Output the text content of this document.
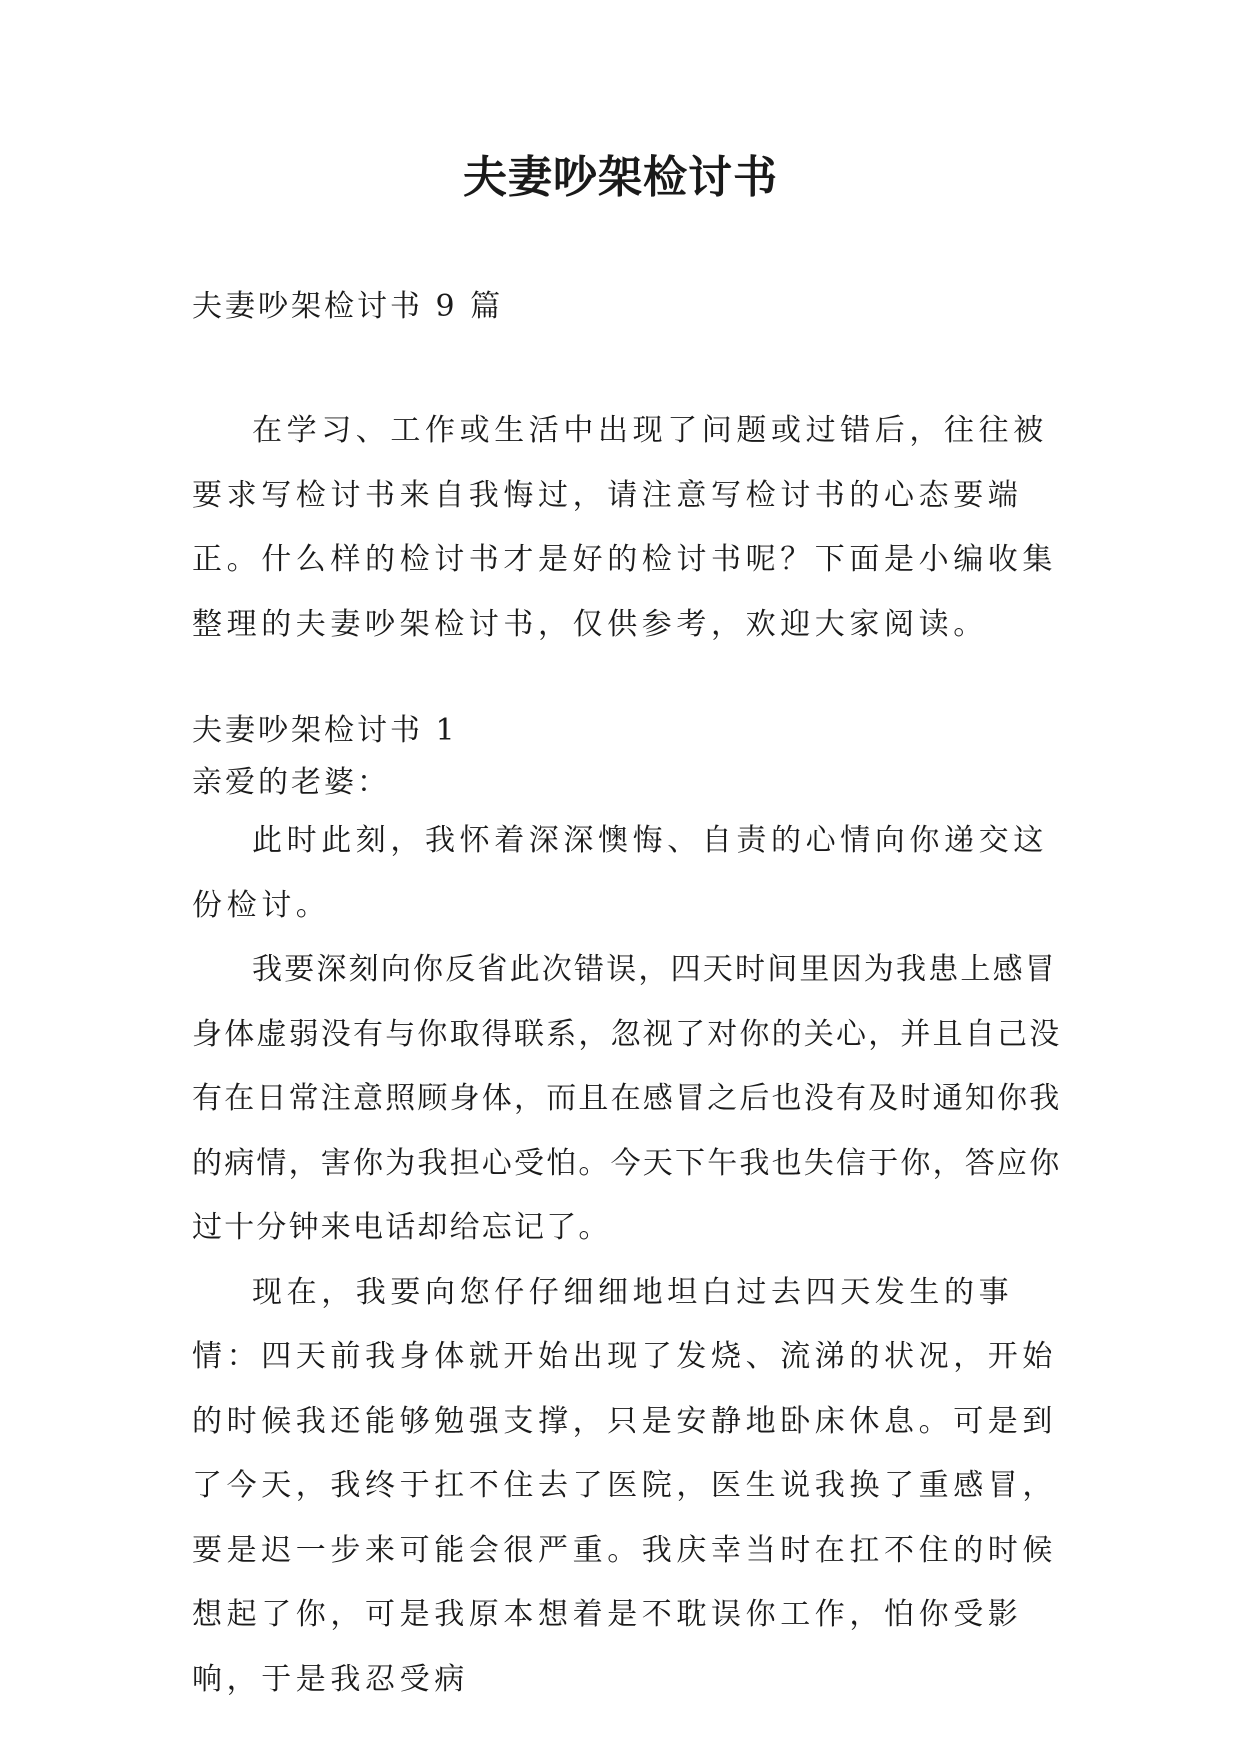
夫妻吵架检讨书

夫妻吵架检讨书 9 篇

在学习、工作或生活中出现了问题或过错后，往往被要求写检讨书来自我悔过，请注意写检讨书的心态要端正。什么样的检讨书才是好的检讨书呢？下面是小编收集整理的夫妻吵架检讨书，仅供参考，欢迎大家阅读。

夫妻吵架检讨书 1

亲爱的老婆：

此时此刻，我怀着深深懊悔、自责的心情向你递交这份检讨。

我要深刻向你反省此次错误，四天时间里因为我患上感冒身体虚弱没有与你取得联系，忽视了对你的关心，并且自己没有在日常注意照顾身体，而且在感冒之后也没有及时通知你我的病情，害你为我担心受怕。今天下午我也失信于你，答应你过十分钟来电话却给忘记了。

现在，我要向您仔仔细细地坦白过去四天发生的事情：四天前我身体就开始出现了发烧、流涕的状况，开始的时候我还能够勉强支撑，只是安静地卧床休息。可是到了今天，我终于扛不住去了医院，医生说我换了重感冒，要是迟一步来可能会很严重。我庆幸当时在扛不住的时候想起了你，可是我原本想着是不耽误你工作，怕你受影响，于是我忍受病
